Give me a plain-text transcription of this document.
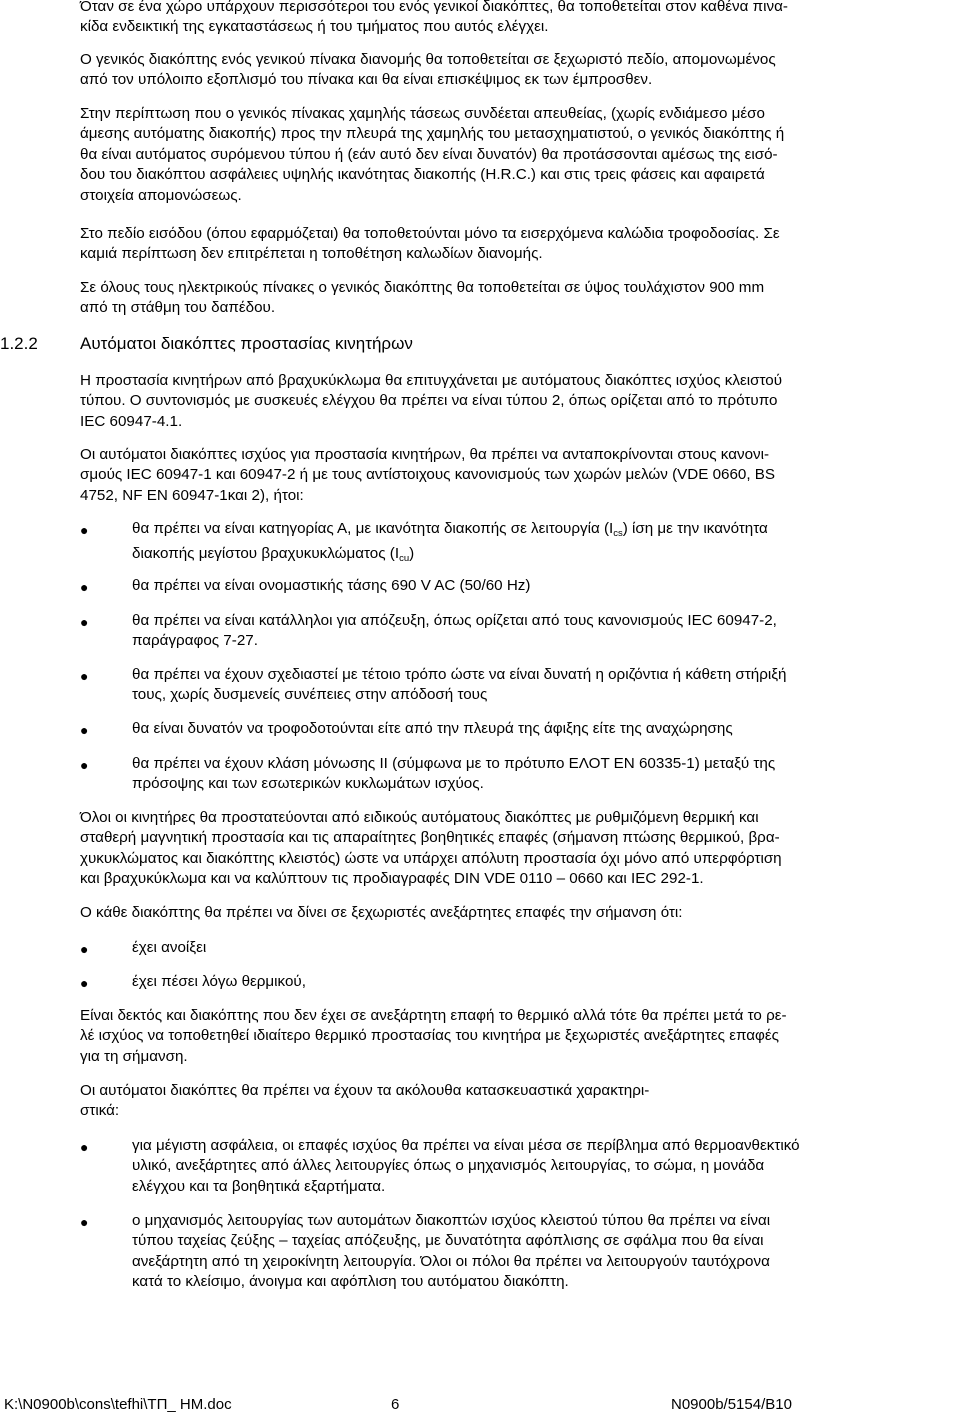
Όταν σε ένα χώρο υπάρχουν περισσότεροι του ενός γενικοί διακόπτες, θα τοποθετείται στον καθένα πινα-
κίδα ενδεικτική της εγκαταστάσεως ή του τμήματος που αυτός ελέγχει.

Ο γενικός διακόπτης ενός γενικού πίνακα διανομής θα τοποθετείται σε ξεχωριστό πεδίο, απομονωμένος
από τον υπόλοιπο εξοπλισμό του πίνακα και θα είναι επισκέψιμος εκ των έμπροσθεν.

Στην περίπτωση που ο γενικός πίνακας χαμηλής τάσεως συνδέεται απευθείας, (χωρίς ενδιάμεσο μέσο
άμεσης αυτόματης διακοπής) προς την πλευρά της χαμηλής του μετασχηματιστού, ο γενικός διακόπτης ή
θα είναι αυτόματος συρόμενου τύπου ή (εάν αυτό δεν είναι δυνατόν) θα προτάσσονται αμέσως της εισό-
δου του διακόπτου ασφάλειες υψηλής ικανότητας διακοπής (H.R.C.) και στις τρεις φάσεις και αφαιρετά
στοιχεία απομονώσεως.

Στο πεδίο εισόδου (όπου εφαρμόζεται) θα τοποθετούνται μόνο τα εισερχόμενα καλώδια τροφοδοσίας. Σε
καμιά περίπτωση δεν επιτρέπεται η τοποθέτηση καλωδίων διανομής.

Σε όλους τους ηλεκτρικούς πίνακες ο γενικός διακόπτης θα τοποθετείται σε ύψος τουλάχιστον 900 mm
από τη στάθμη του δαπέδου.

1.2.2 Αυτόματοι διακόπτες προστασίας κινητήρων

Η προστασία κινητήρων από βραχυκύκλωμα θα επιτυγχάνεται με αυτόματους διακόπτες ισχύος κλειστού
τύπου. Ο συντονισμός με συσκευές ελέγχου θα πρέπει να είναι τύπου 2, όπως ορίζεται από το πρότυπο
IEC 60947-4.1.

Οι αυτόματοι διακόπτες ισχύος για προστασία κινητήρων, θα πρέπει να ανταποκρίνονται στους κανονι-
σμούς IEC 60947-1 και 60947-2 ή με τους αντίστοιχους κανονισμούς των χωρών μελών (VDE 0660, BS
4752, NF EN 60947-1και 2), ήτοι:

●	θα πρέπει να είναι κατηγορίας Α, με ικανότητα διακοπής σε λειτουργία $(I_{cs})$ ίση με την ικανότητα
διακοπής μεγίστου βραχυκυκλώματος $(I_{cu})$
●	θα πρέπει να είναι ονομαστικής τάσης 690 V AC (50/60 Hz)
●	θα πρέπει να είναι κατάλληλοι για απόζευξη, όπως ορίζεται από τους κανονισμούς IEC 60947-2,
παράγραφος 7-27.
●	θα πρέπει να έχουν σχεδιαστεί με τέτοιο τρόπο ώστε να είναι δυνατή η οριζόντια ή κάθετη στήριξή
τους, χωρίς δυσμενείς συνέπειες στην απόδοσή τους
●	θα είναι δυνατόν να τροφοδοτούνται είτε από την πλευρά της άφιξης είτε της αναχώρησης
●	θα πρέπει να έχουν κλάση μόνωσης ΙΙ (σύμφωνα με το πρότυπο ΕΛΟΤ ΕΝ 60335-1) μεταξύ της
πρόσοψης και των εσωτερικών κυκλωμάτων ισχύος.

Όλοι οι κινητήρες θα προστατεύονται από ειδικούς αυτόματους διακόπτες με ρυθμιζόμενη θερμική και
σταθερή μαγνητική προστασία και τις απαραίτητες βοηθητικές επαφές (σήμανση πτώσης θερμικού, βρα-
χυκυκλώματος και διακόπτης κλειστός) ώστε να υπάρχει απόλυτη προστασία όχι μόνο από υπερφόρτιση
και βραχυκύκλωμα και να καλύπτουν τις προδιαγραφές DIN VDE 0110 – 0660 και IEC 292-1.

Ο κάθε διακόπτης θα πρέπει να δίνει σε ξεχωριστές ανεξάρτητες επαφές την σήμανση ότι:

●	έχει ανοίξει
●	έχει πέσει λόγω θερμικού,

Είναι δεκτός και διακόπτης που δεν έχει σε ανεξάρτητη επαφή το θερμικό αλλά τότε θα πρέπει μετά το ρε-
λέ ισχύος να τοποθετηθεί ιδιαίτερο θερμικό προστασίας του κινητήρα με ξεχωριστές ανεξάρτητες επαφές
για τη σήμανση.

Οι αυτόματοι διακόπτες θα πρέπει να έχουν τα ακόλουθα κατασκευαστικά χαρακτηρι-
στικά:

●	για μέγιστη ασφάλεια, οι επαφές ισχύος θα πρέπει να είναι μέσα σε περίβλημα από θερμοανθεκτικό
υλικό, ανεξάρτητες από άλλες λειτουργίες όπως ο μηχανισμός λειτουργίας, το σώμα, η μονάδα
ελέγχου και τα βοηθητικά εξαρτήματα.
●	ο μηχανισμός λειτουργίας των αυτομάτων διακοπτών ισχύος κλειστού τύπου θα πρέπει να είναι
τύπου ταχείας ζεύξης – ταχείας απόζευξης, με δυνατότητα αφόπλισης σε σφάλμα που θα είναι
ανεξάρτητη από τη χειροκίνητη λειτουργία. Όλοι οι πόλοι θα πρέπει να λειτουργούν ταυτόχρονα
κατά το κλείσιμο, άνοιγμα και αφόπλιση του αυτόματου διακόπτη.
K:\N0900b\cons\tefhi\ΤΠ_ ΗΜ.doc	6	N0900b/5154/B10
